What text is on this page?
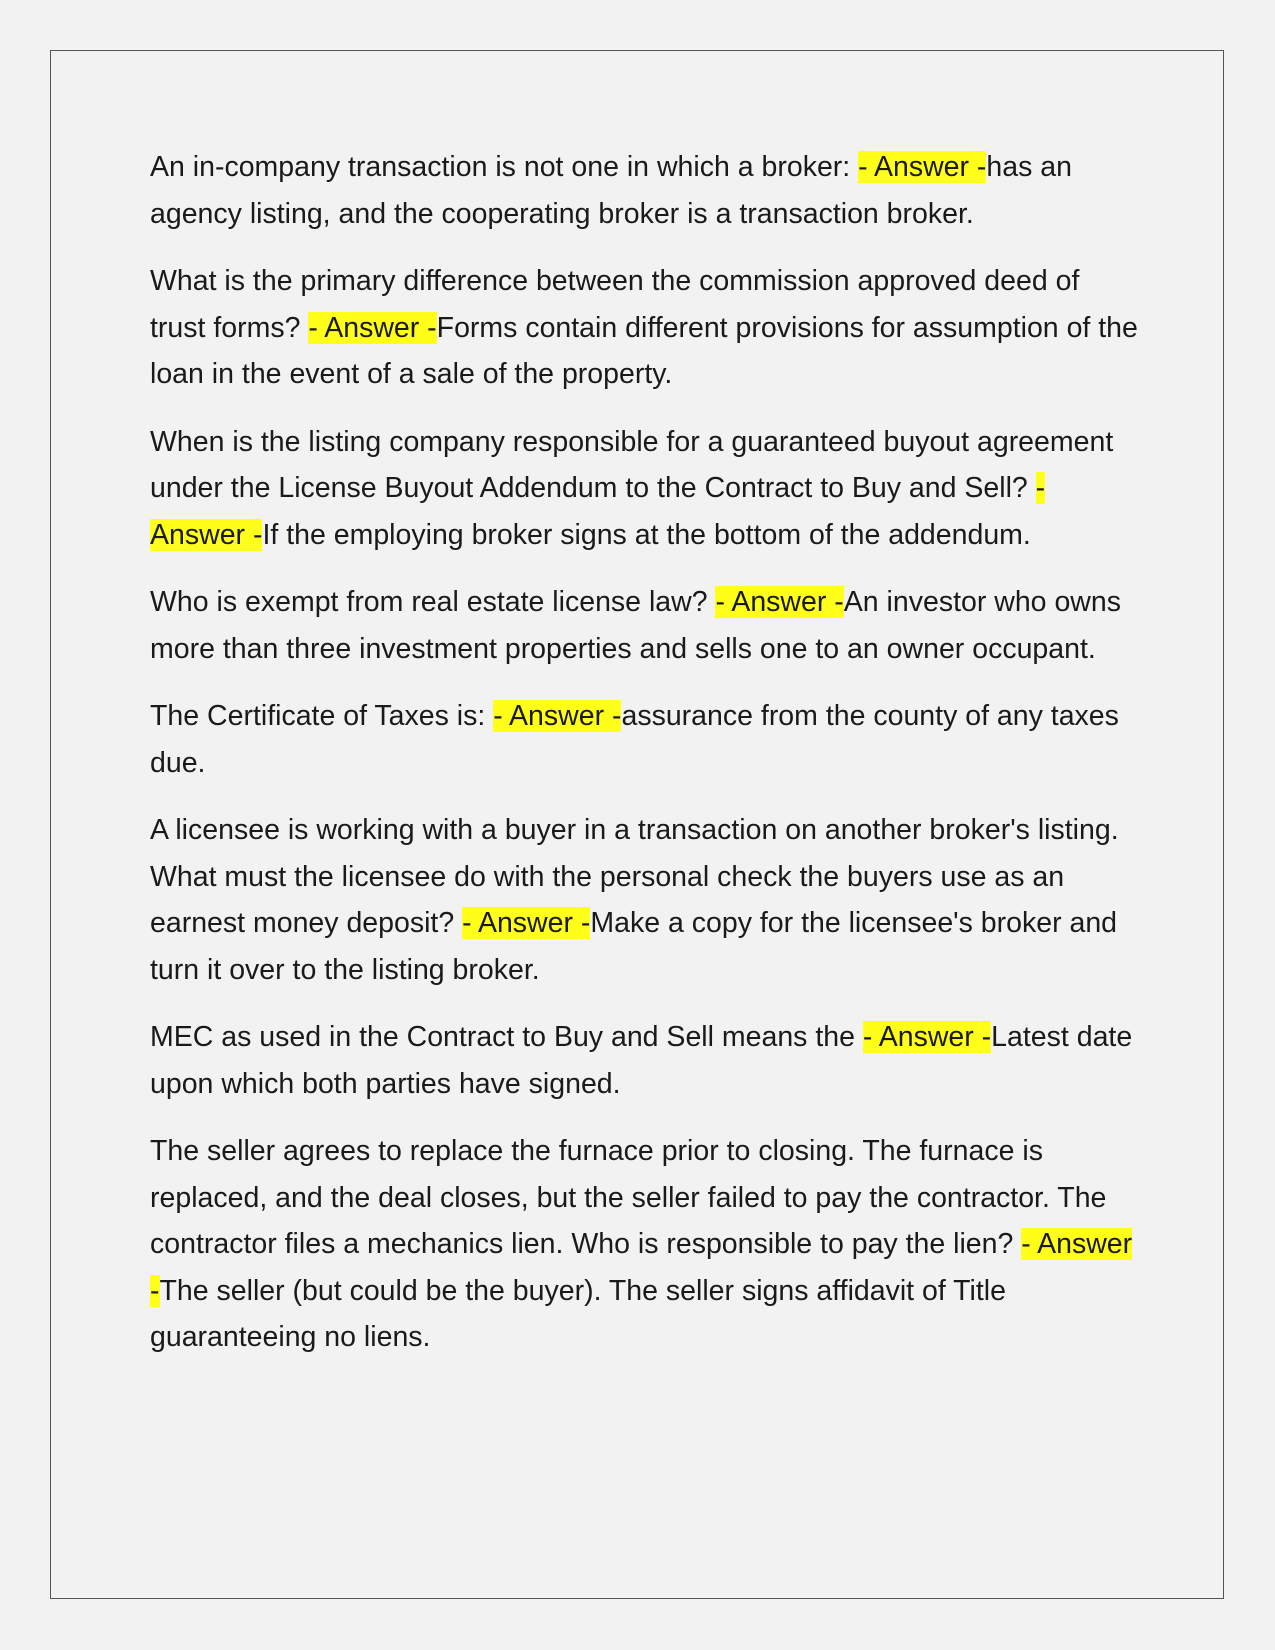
An in-company transaction is not one in which a broker: - Answer -has an agency listing, and the cooperating broker is a transaction broker.

What is the primary difference between the commission approved deed of trust forms? - Answer -Forms contain different provisions for assumption of the loan in the event of a sale of the property.

When is the listing company responsible for a guaranteed buyout agreement under the License Buyout Addendum to the Contract to Buy and Sell? - Answer -If the employing broker signs at the bottom of the addendum.

Who is exempt from real estate license law? - Answer -An investor who owns more than three investment properties and sells one to an owner occupant.

The Certificate of Taxes is: - Answer -assurance from the county of any taxes due.

A licensee is working with a buyer in a transaction on another broker's listing. What must the licensee do with the personal check the buyers use as an earnest money deposit? - Answer -Make a copy for the licensee's broker and turn it over to the listing broker.

MEC as used in the Contract to Buy and Sell means the - Answer -Latest date upon which both parties have signed.

The seller agrees to replace the furnace prior to closing. The furnace is replaced, and the deal closes, but the seller failed to pay the contractor. The contractor files a mechanics lien. Who is responsible to pay the lien? - Answer -The seller (but could be the buyer). The seller signs affidavit of Title guaranteeing no liens.
